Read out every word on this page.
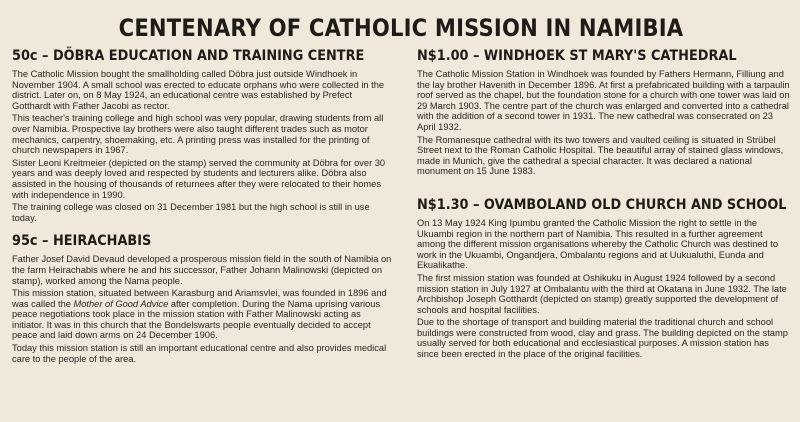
CENTENARY OF CATHOLIC MISSION IN NAMIBIA
50c – DÖBRA EDUCATION AND TRAINING CENTRE

The Catholic Mission bought the smallholding called Döbra just outside Windhoek in November 1904. A small school was erected to educate orphans who were collected in the district. Later on, on 8 May 1924, an educational centre was established by Prefect Gotthardt with Father Jacobi as rector.

This teacher's training college and high school was very popular, drawing students from all over Namibia. Prospective lay brothers were also taught different trades such as motor mechanics, carpentry, shoemaking, etc. A printing press was installed for the printing of church newspapers in 1967.

Sister Leoni Kreitmeier (depicted on the stamp) served the community at Döbra for over 30 years and was deeply loved and respected by students and lecturers alike. Döbra also assisted in the housing of thousands of returnees after they were relocated to their homes with independence in 1990.

The training college was closed on 31 December 1981 but the high school is still in use today.

95c – HEIRACHABIS

Father Josef David Devaud developed a prosperous mission field in the south of Namibia on the farm Heirachabis where he and his successor, Father Johann Malinowski (depicted on stamp), worked among the Nama people.

This mission station, situated between Karasburg and Ariamsvlei, was founded in 1896 and was called the Mother of Good Advice after completion. During the Nama uprising various peace negotiations took place in the mission station with Father Malinowski acting as initiator. It was in this church that the Bondelswarts people eventually decided to accept peace and laid down arms on 24 December 1906.

Today this mission station is still an important educational centre and also provides medical care to the people of the area.

N$1.00 – WINDHOEK ST MARY'S CATHEDRAL

The Catholic Mission Station in Windhoek was founded by Fathers Hermann, Filliung and the lay brother Havenith in December 1896. At first a prefabricated building with a tarpaulin roof served as the chapel, but the foundation stone for a church with one tower was laid on 29 March 1903. The centre part of the church was enlarged and converted into a cathedral with the addition of a second tower in 1931. The new cathedral was consecrated on 23 April 1932.

The Romanesque cathedral with its two towers and vaulted ceiling is situated in Strübel Street next to the Roman Catholic Hospital. The beautiful array of stained glass windows, made in Munich, give the cathedral a special character. It was declared a national monument on 15 June 1983.

N$1.30 – OVAMBOLAND OLD CHURCH AND SCHOOL

On 13 May 1924 King Ipumbu granted the Catholic Mission the right to settle in the Ukuambi region in the northern part of Namibia. This resulted in a further agreement among the different mission organisations whereby the Catholic Church was destined to work in the Ukuambi, Ongandjera, Ombalantu regions and at Uukualuthi, Eunda and Ekualikathe.

The first mission station was founded at Oshikuku in August 1924 followed by a second mission station in July 1927 at Ombalantu with the third at Okatana in June 1932. The late Archbishop Joseph Gotthardt (depicted on stamp) greatly supported the development of schools and hospital facilities.

Due to the shortage of transport and building material the traditional church and school buildings were constructed from wood, clay and grass. The building depicted on the stamp usually served for both educational and ecclesiastical purposes. A mission station has since been erected in the place of the original facilities.
